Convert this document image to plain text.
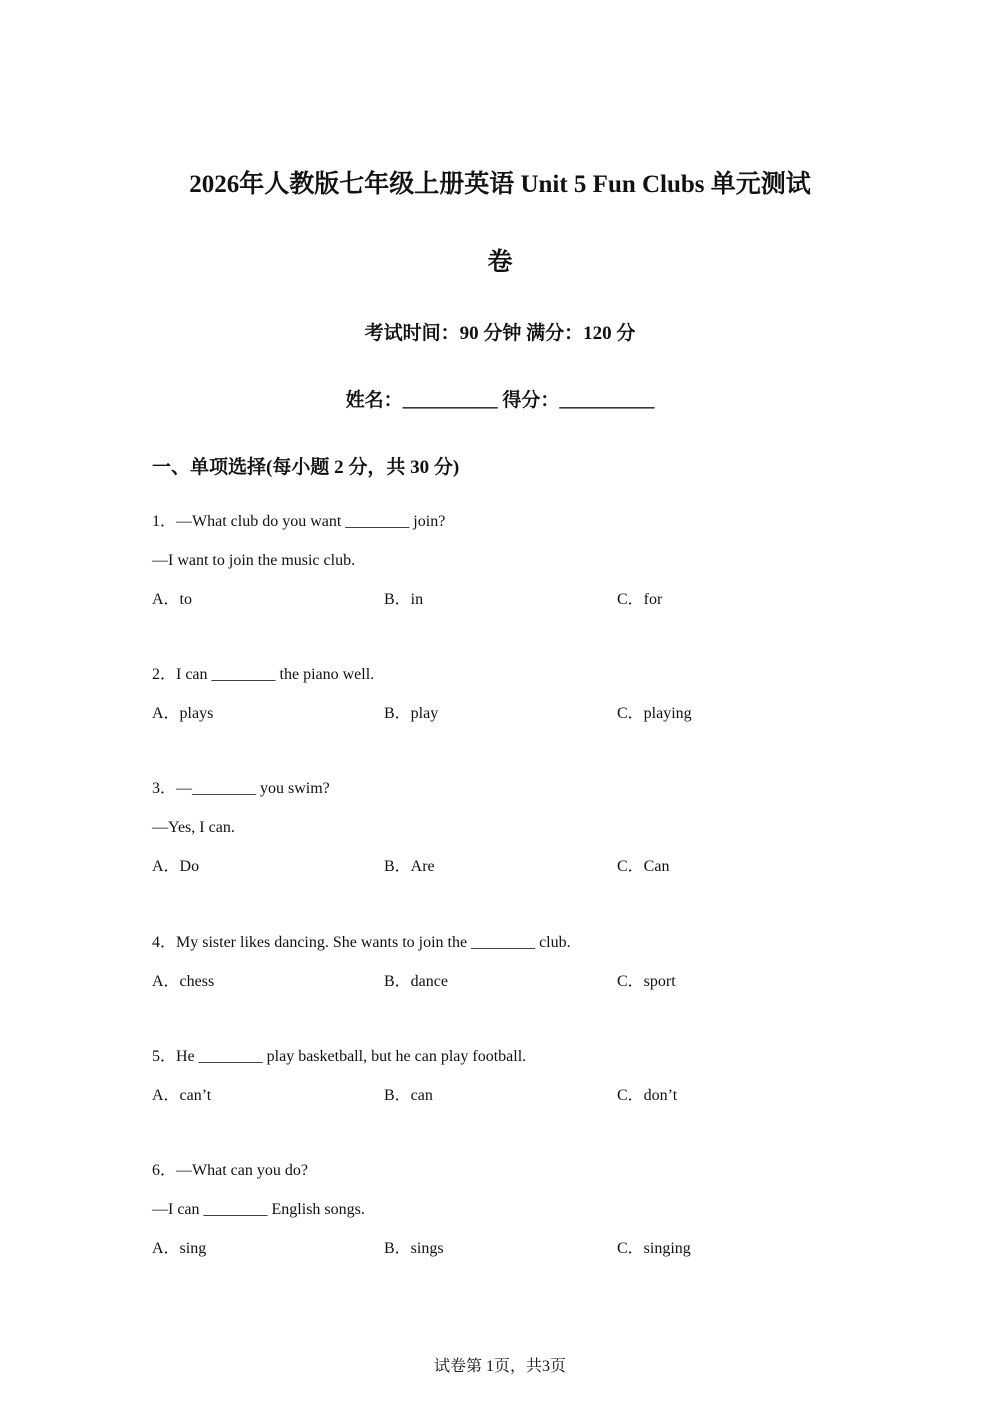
2026年人教版七年级上册英语 Unit 5 Fun Clubs 单元测试
卷
考试时间：90 分钟 满分：120 分
姓名：__________ 得分：__________
一、单项选择(每小题 2 分，共 30 分)
1．—What club do you want ________ join?
—I want to join the music club.
A．to	B．in	C．for
2．I can ________ the piano well.
A．plays	B．play	C．playing
3．—________ you swim?
—Yes, I can.
A．Do	B．Are	C．Can
4．My sister likes dancing. She wants to join the ________ club.
A．chess	B．dance	C．sport
5．He ________ play basketball, but he can play football.
A．can’t	B．can	C．don’t
6．—What can you do?
—I can ________ English songs.
A．sing	B．sings	C．singing
试卷第 1页，共3页
